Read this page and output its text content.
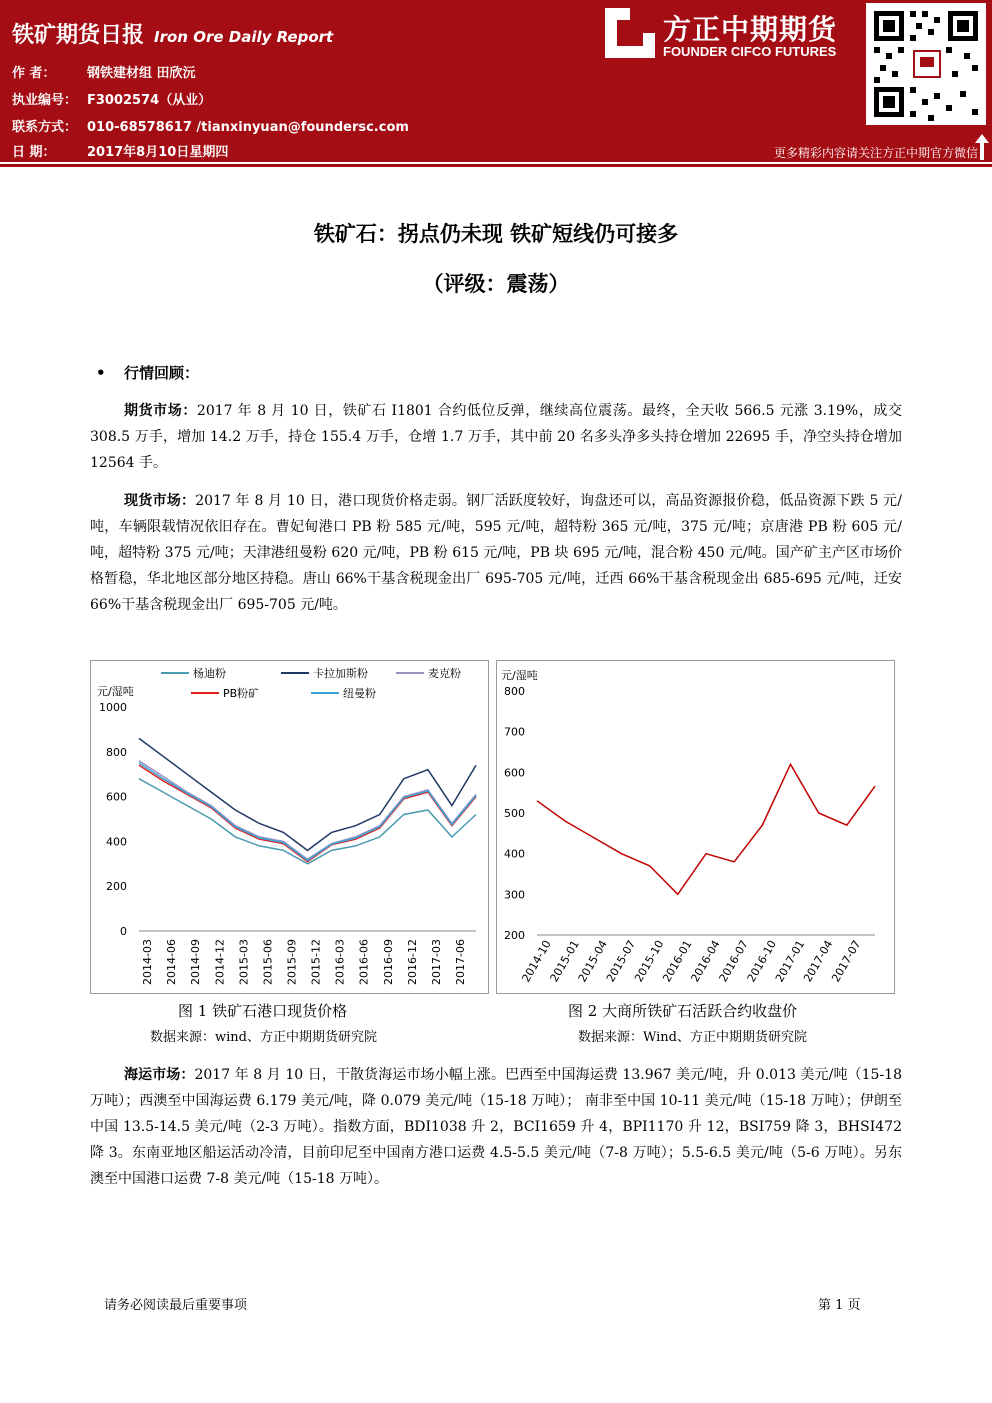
铁矿期货日报 Iron Ore Daily Report
作 者： 钢铁建材组 田欣沅
执业编号： F3002574（从业）
联系方式： 010-68578617 /tianxinyuan@foundersc.com
日 期： 2017年8月10日星期四
方正中期期货
FOUNDER CIFCO FUTURES
更多精彩内容请关注方正中期官方微信
铁矿石：拐点仍未现 铁矿短线仍可接多
（评级：震荡）
• 行情回顾：
期货市场：2017 年 8 月 10 日，铁矿石 I1801 合约低位反弹，继续高位震荡。最终，全天收 566.5 元涨 3.19%，成交 308.5 万手，增加 14.2 万手，持仓 155.4 万手，仓增 1.7 万手，其中前 20 名多头净多头持仓增加 22695 手，净空头持仓增加 12564 手。
现货市场：2017 年 8 月 10 日，港口现货价格走弱。钢厂活跃度较好，询盘还可以，高品资源报价稳，低品资源下跌 5 元/吨，车辆限载情况依旧存在。曹妃甸港口 PB 粉 585 元/吨，595 元/吨，超特粉 365 元/吨，375 元/吨；京唐港 PB 粉 605 元/吨，超特粉 375 元/吨；天津港纽曼粉 620 元/吨，PB 粉 615 元/吨，PB 块 695 元/吨，混合粉 450 元/吨。国产矿主产区市场价格暂稳，华北地区部分地区持稳。唐山 66%干基含税现金出厂 695-705 元/吨，迁西 66%干基含税现金出 685-695 元/吨，迁安 66%干基含税现金出厂 695-705 元/吨。
杨迪粉	卡拉加斯粉	麦克粉
PB粉矿	纽曼粉
元/湿吨
0
200
400
600
800
1000
2014-03 2014-06 2014-09 2014-12 2015-03 2015-06 2015-09 2015-12 2016-03 2016-06 2016-09 2016-12 2017-03 2017-06
元/湿吨
200
300
400
500
600
700
800
2014-10
2015-01
2015-04
2015-07
2015-10
2016-01
2016-04
2016-07
2016-10
2017-01
2017-04
2017-07
图 1 铁矿石港口现货价格
数据来源：wind、方正中期期货研究院
图 2 大商所铁矿石活跃合约收盘价
数据来源：Wind、方正中期期货研究院
海运市场：2017 年 8 月 10 日，干散货海运市场小幅上涨。巴西至中国海运费 13.967 美元/吨，升 0.013 美元/吨（15-18 万吨）；西澳至中国海运费 6.179 美元/吨，降 0.079 美元/吨（15-18 万吨）； 南非至中国 10-11 美元/吨（15-18 万吨）；伊朗至中国 13.5-14.5 美元/吨（2-3 万吨）。指数方面，BDI1038 升 2，BCI1659 升 4，BPI1170 升 12，BSI759 降 3，BHSI472 降 3。东南亚地区船运活动冷清，目前印尼至中国南方港口运费 4.5-5.5 美元/吨（7-8 万吨）；5.5-6.5 美元/吨（5-6 万吨）。另东澳至中国港口运费 7-8 美元/吨（15-18 万吨）。
请务必阅读最后重要事项	第 1 页
